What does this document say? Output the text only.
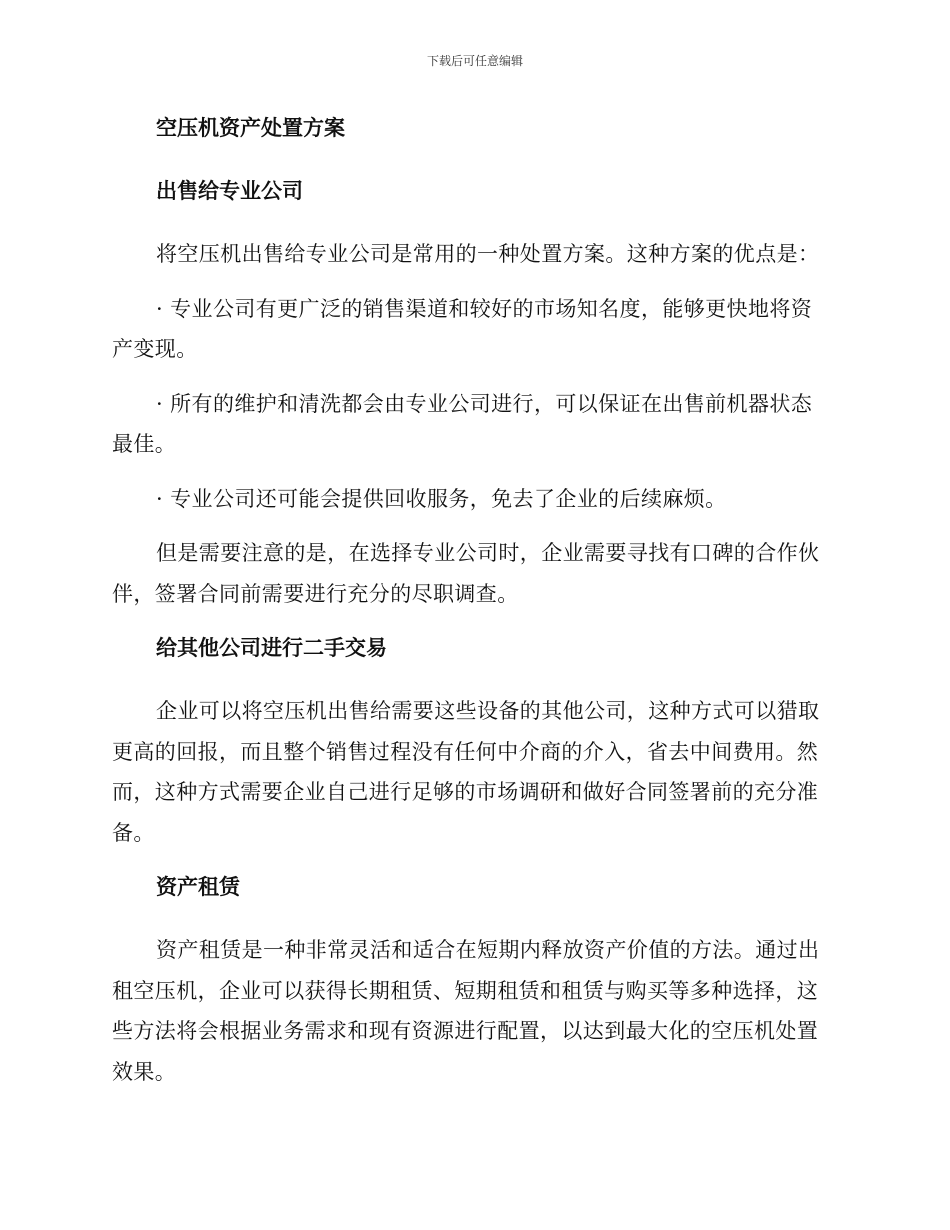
下载后可任意编辑
空压机资产处置方案
出售给专业公司

将空压机出售给专业公司是常用的一种处置方案。这种方案的优点是：

· 专业公司有更广泛的销售渠道和较好的市场知名度，能够更快地将资产变现。

· 所有的维护和清洗都会由专业公司进行，可以保证在出售前机器状态最佳。

· 专业公司还可能会提供回收服务，免去了企业的后续麻烦。

但是需要注意的是，在选择专业公司时，企业需要寻找有口碑的合作伙伴，签署合同前需要进行充分的尽职调查。

给其他公司进行二手交易

企业可以将空压机出售给需要这些设备的其他公司，这种方式可以猎取更高的回报，而且整个销售过程没有任何中介商的介入，省去中间费用。然而，这种方式需要企业自己进行足够的市场调研和做好合同签署前的充分准备。

资产租赁

资产租赁是一种非常灵活和适合在短期内释放资产价值的方法。通过出租空压机，企业可以获得长期租赁、短期租赁和租赁与购买等多种选择，这些方法将会根据业务需求和现有资源进行配置，以达到最大化的空压机处置效果。
